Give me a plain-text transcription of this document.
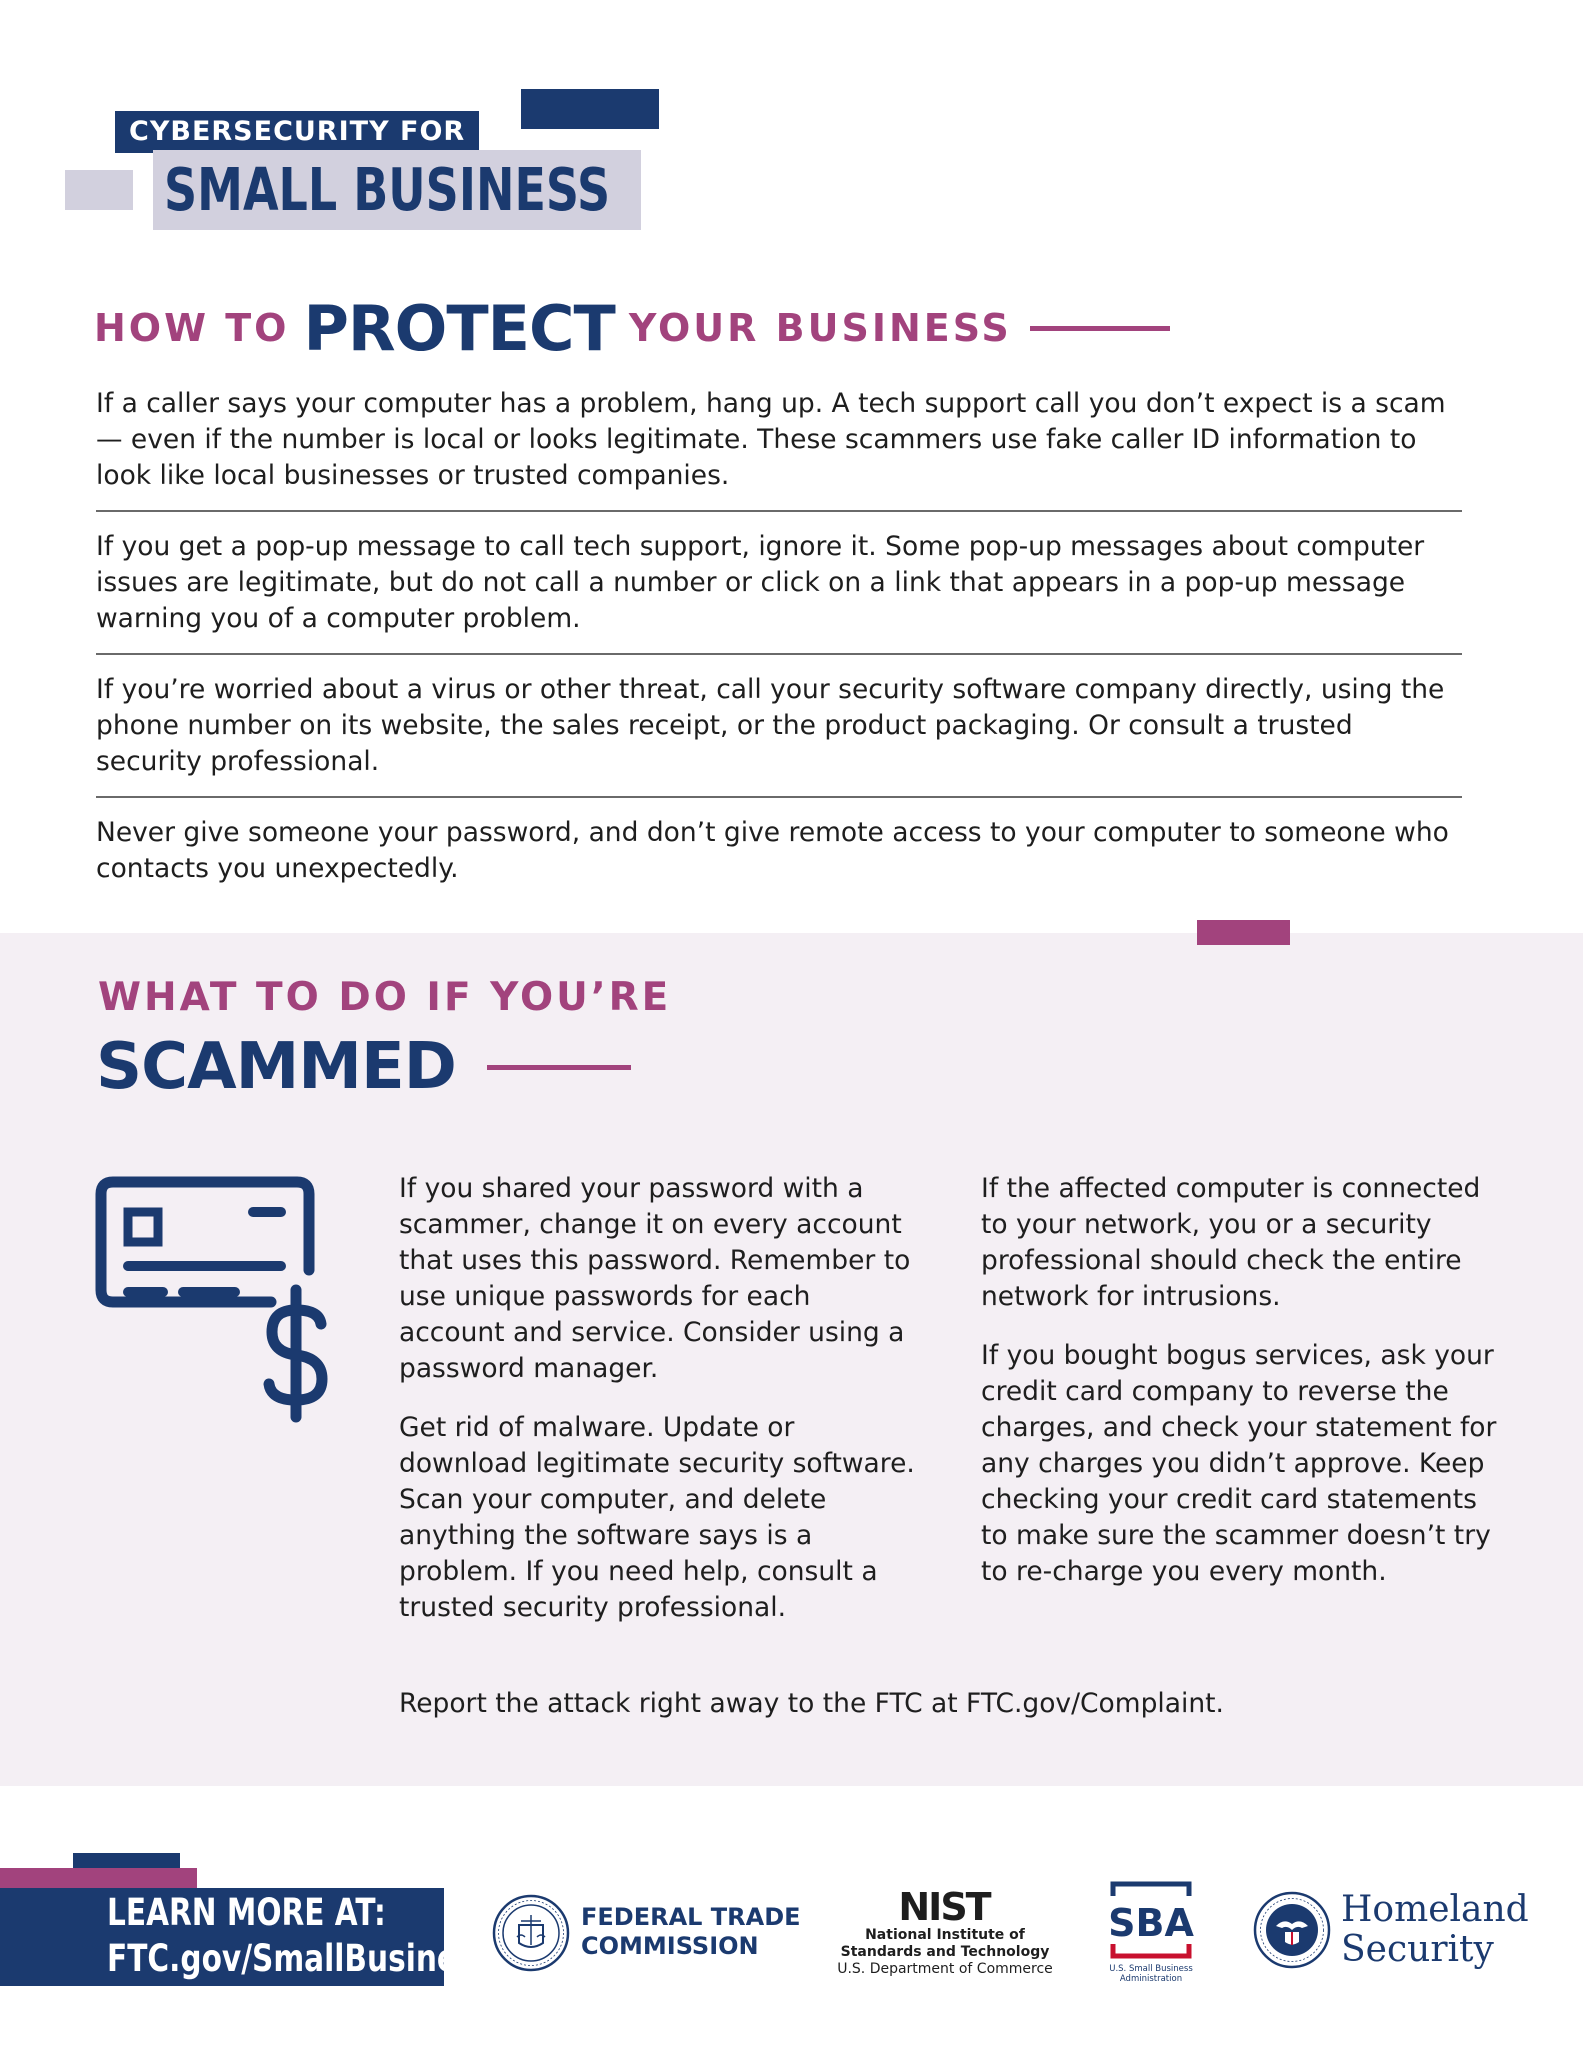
CYBERSECURITY FOR
SMALL BUSINESS
HOW TO PROTECT YOUR BUSINESS

If a caller says your computer has a problem, hang up. A tech support call you don’t expect is a scam — even if the number is local or looks legitimate. These scammers use fake caller ID information to look like local businesses or trusted companies.

If you get a pop-up message to call tech support, ignore it. Some pop-up messages about computer issues are legitimate, but do not call a number or click on a link that appears in a pop-up message warning you of a computer problem.

If you’re worried about a virus or other threat, call your security software company directly, using the phone number on its website, the sales receipt, or the product packaging. Or consult a trusted security professional.

Never give someone your password, and don’t give remote access to your computer to someone who contacts you unexpectedly.

WHAT TO DO IF YOU’RE
SCAMMED

If you shared your password with a scammer, change it on every account that uses this password. Remember to use unique passwords for each account and service. Consider using a password manager.

Get rid of malware. Update or download legitimate security software. Scan your computer, and delete anything the software says is a problem. If you need help, consult a trusted security professional.

If the affected computer is connected to your network, you or a security professional should check the entire network for intrusions.

If you bought bogus services, ask your credit card company to reverse the charges, and check your statement for any charges you didn’t approve. Keep checking your credit card statements to make sure the scammer doesn’t try to re-charge you every month.

Report the attack right away to the FTC at FTC.gov/Complaint.
LEARN MORE AT:
FTC.gov/SmallBusiness
FEDERAL TRADE
COMMISSION
NIST
National Institute of
Standards and Technology
U.S. Department of Commerce
SBA
U.S. Small Business Administration
Homeland
Security
